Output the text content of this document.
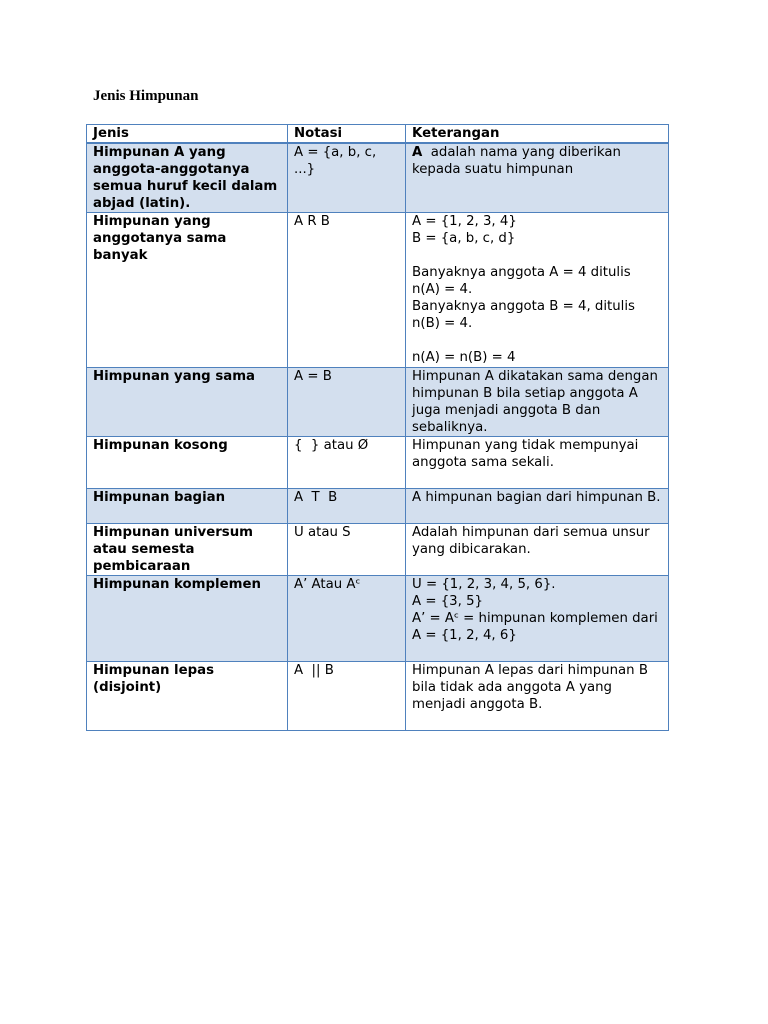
Jenis Himpunan
Jenis	Notasi	Keterangan
Himpunan A yang anggota-anggotanya semua huruf kecil dalam abjad (latin).	A = {a, b, c, ...}	A  adalah nama yang diberikan kepada suatu himpunan
Himpunan yang anggotanya sama banyak	A R B	A = {1, 2, 3, 4}
B = {a, b, c, d}
Banyaknya anggota A = 4 ditulis n(A) = 4.
Banyaknya anggota B = 4, ditulis n(B) = 4.
n(A) = n(B) = 4

Himpunan yang sama	A = B	Himpunan A dikatakan sama dengan himpunan B bila setiap anggota A juga menjadi anggota B dan sebaliknya.
Himpunan kosong	{  } atau Ø	Himpunan yang tidak mempunyai anggota sama sekali.
Himpunan bagian	A  T  B	A himpunan bagian dari himpunan B.
Himpunan universum atau semesta pembicaraan	U atau S	Adalah himpunan dari semua unsur yang dibicarakan.
Himpunan komplemen	A’ Atau Aᶜ	U = {1, 2, 3, 4, 5, 6}.
A = {3, 5}
A’ = Aᶜ = himpunan komplemen dari A = {1, 2, 4, 6}

Himpunan lepas (disjoint)	A  || B	Himpunan A lepas dari himpunan B bila tidak ada anggota A yang menjadi anggota B.
